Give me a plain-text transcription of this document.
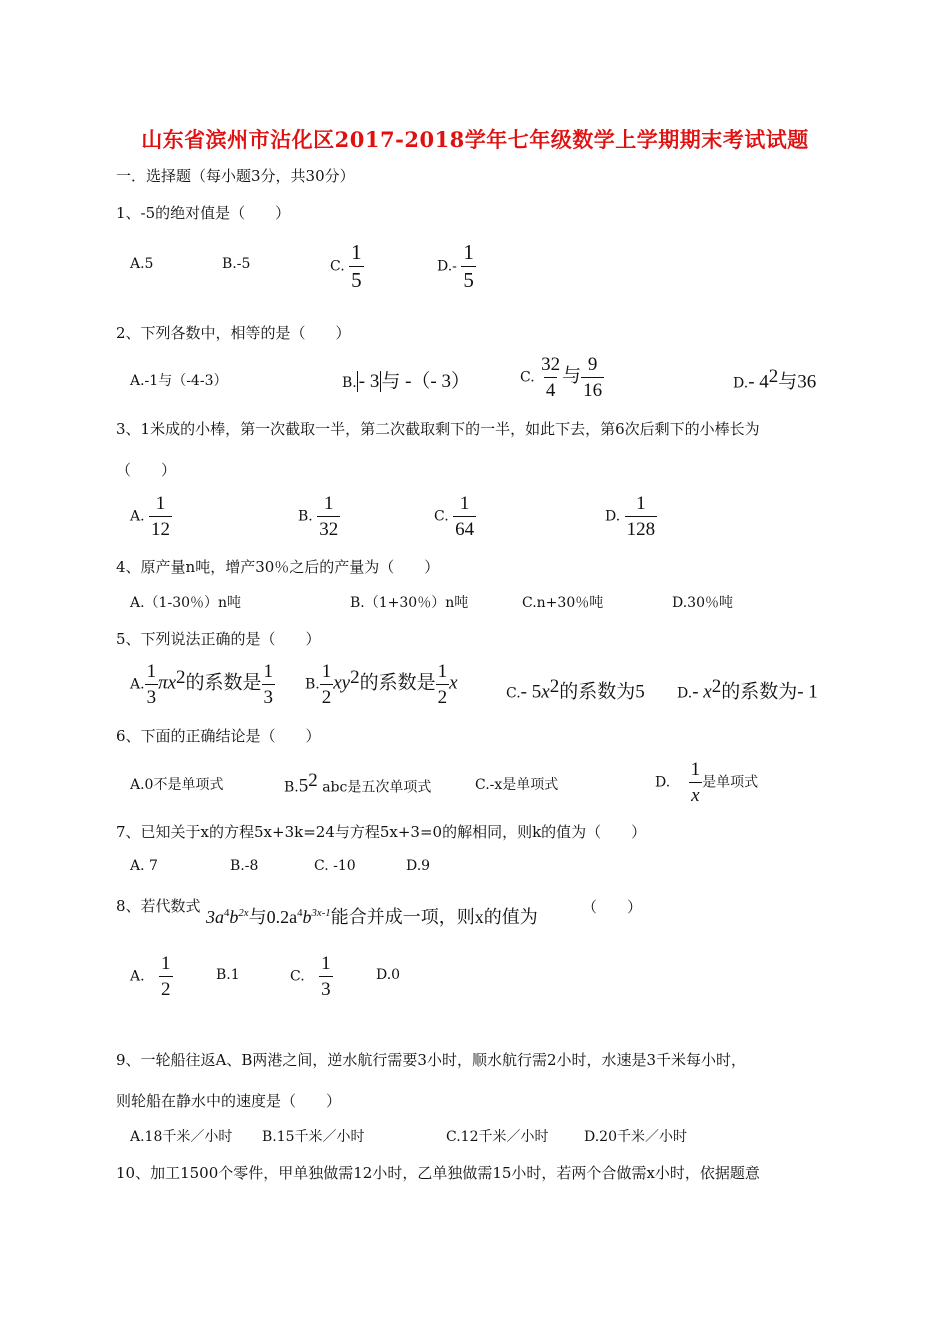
山东省滨州市沾化区2017-2018学年七年级数学上学期期末考试试题
一．选择题（每小题3分，共30分）
1、-5的绝对值是（　　）
A.5	B.-5	C. $\frac{1}{5}$	$D.- \frac{1}{5}$
2、下列各数中，相等的是（　　）
A.-1与（-4-3）	B. - 3 与 -（- 3）	C. $\frac{32}{4}$ 与 $\frac{9}{16}$	D.- $4^2$与36
3、1米成的小棒，第一次截取一半，第二次截取剩下的一半，如此下去，第6次后剩下的小棒长为
（　　）
A. $\frac{1}{12}$	B. $\frac{1}{32}$	C. $\frac{1}{64}$	D. $\frac{1}{128}$
4、原产量n吨，增产30％之后的产量为（　　）
A.（1-30％）n吨	B.（1+30％）n吨	C.n+30％吨	D.30％吨
5、下列说法正确的是（　　）
A. $\frac{1}{3} \pi x^2$的系数是 $\frac{1}{3} B$. $\frac{1}{2} xy^2$的系数是 $\frac{1}{2}$ x
C.- $5x^2$的系数为5 D.- $x^2$的系数为- 1
6、下面的正确结论是（　　）
A.0不是单项式	$B.5^2$ abc是五次单项式	C.-x是单项式	D. $\frac{1}{x}$ 是单项式
7、已知关于x的方程5x+3k=24与方程5x+3=0的解相同，则k的值为（　　）
A. 7	B.-8	C. -10	D.9
8、若代数式
$3a^4b^{2x}$与$0.2a^4b^{3x-1}$能合并成一项，则x的值为	（　　）
A. $\frac{1}{2}$	B.1	C. $\frac{1}{3}$	D.0
9、一轮船往返A、B两港之间，逆水航行需要3小时，顺水航行需2小时，水速是3千米每小时，
则轮船在静水中的速度是（　　）
A.18千米／小时 B.15千米／小时	C.12千米／小时	D.20千米／小时
10、加工1500个零件，甲单独做需12小时，乙单独做需15小时，若两个合做需x小时，依据题意
